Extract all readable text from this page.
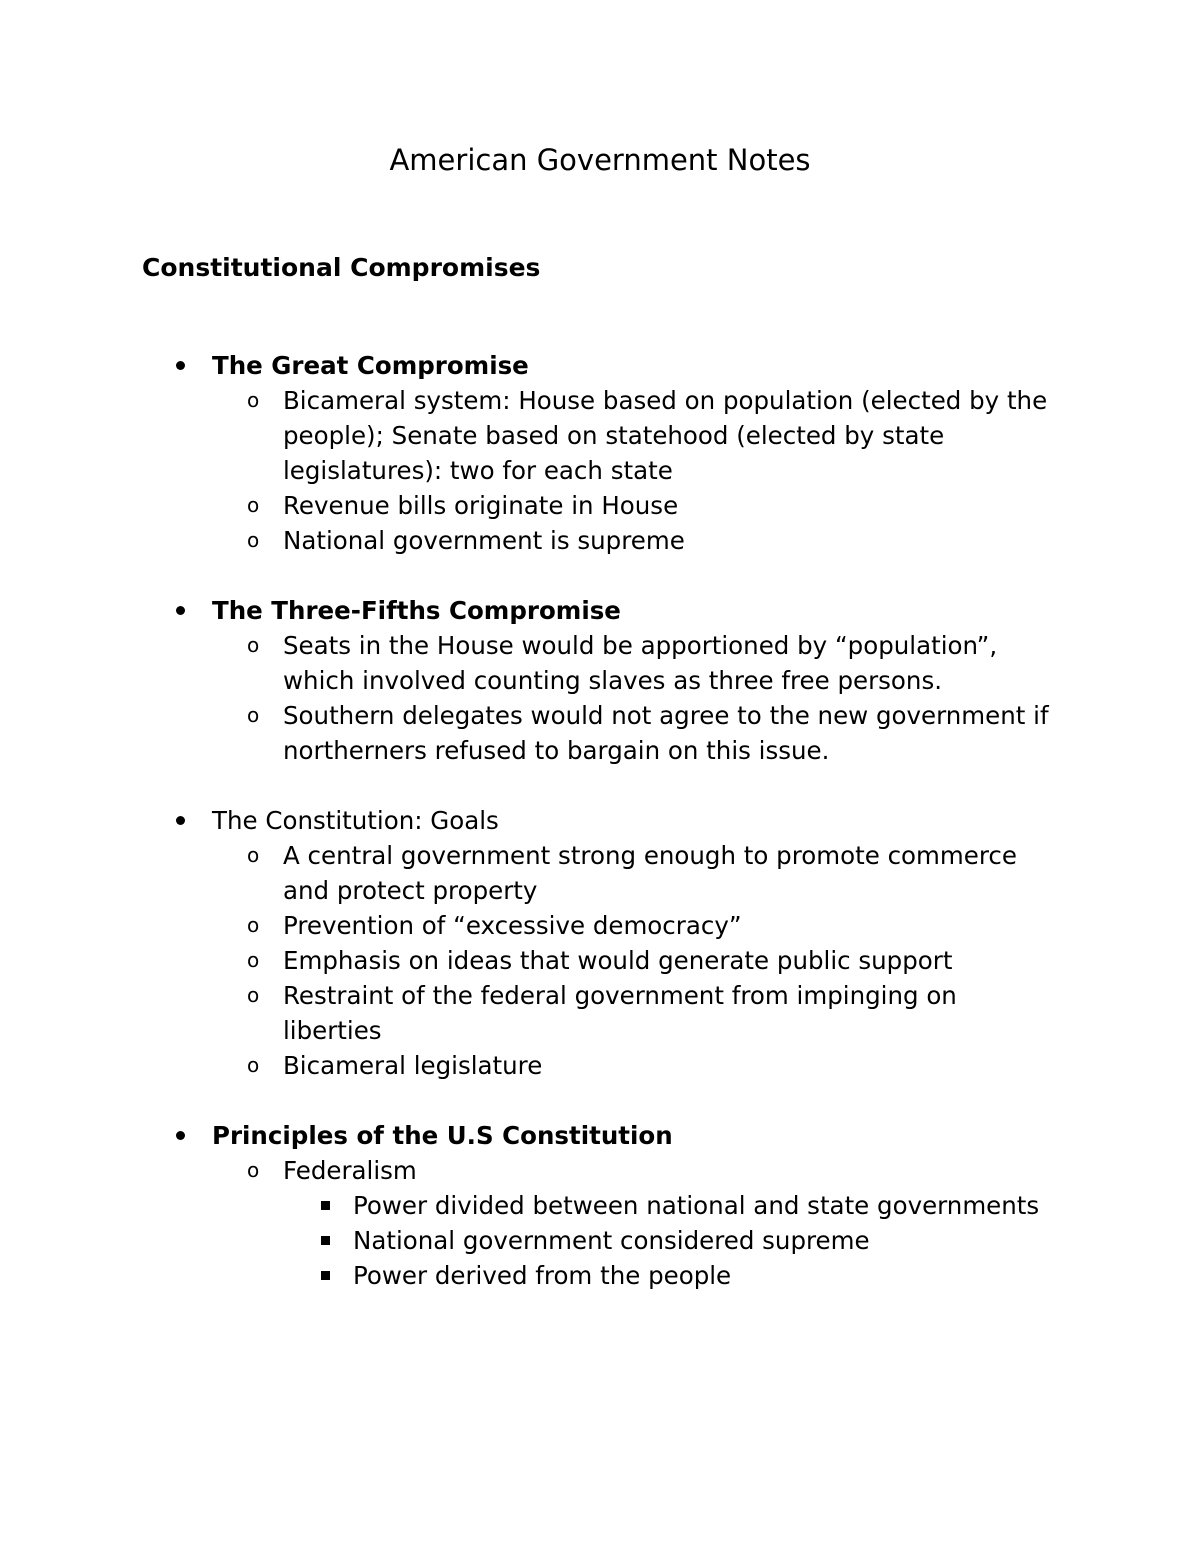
American Government Notes
Constitutional Compromises
The Great Compromise
o Bicameral system: House based on population (elected by the people); Senate based on statehood (elected by state legislatures): two for each state
o Revenue bills originate in House
o National government is supreme
The Three-Fifths Compromise
o Seats in the House would be apportioned by “population”, which involved counting slaves as three free persons.
o Southern delegates would not agree to the new government if northerners refused to bargain on this issue.
The Constitution: Goals
o A central government strong enough to promote commerce and protect property
o Prevention of “excessive democracy”
o Emphasis on ideas that would generate public support
o Restraint of the federal government from impinging on liberties
o Bicameral legislature
Principles of the U.S Constitution
o Federalism
Power divided between national and state governments
National government considered supreme
Power derived from the people
